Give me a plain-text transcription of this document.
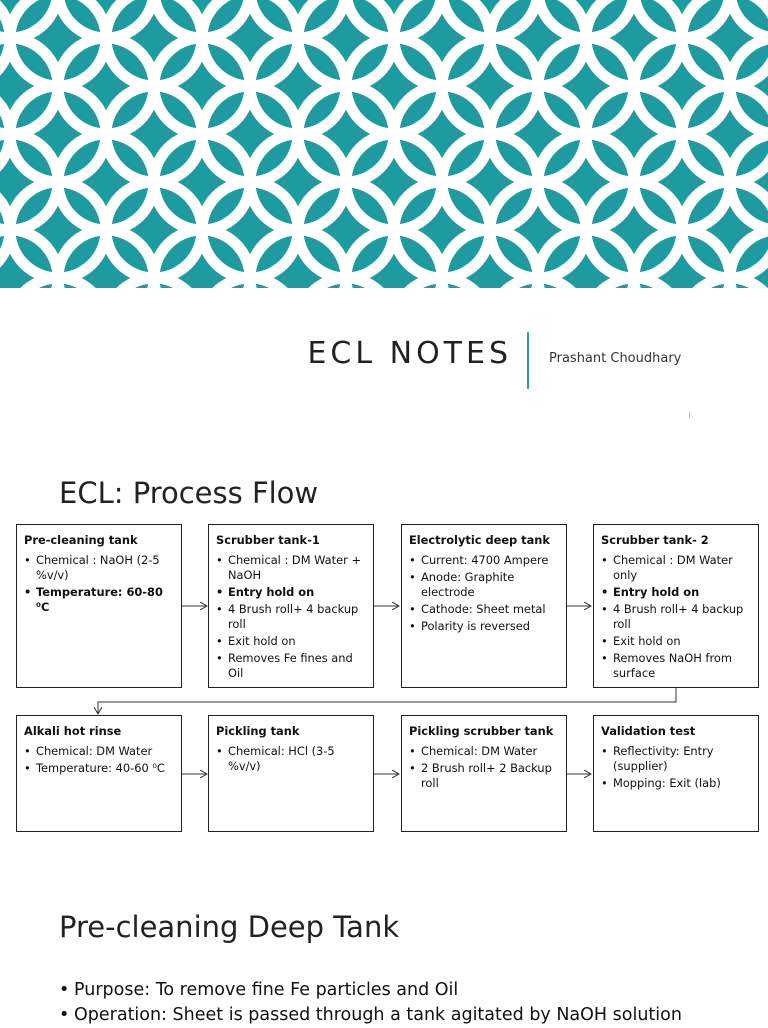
ECL NOTES	Prashant Choudhary
ECL: Process Flow
Pre-cleaning tank
• Chemical : NaOH (2-5 %v/v)
• Temperature: 60-80 ⁰C
Scrubber tank-1
• Chemical : DM Water + NaOH
• Entry hold on
• 4 Brush roll+ 4 backup roll
• Exit hold on
• Removes Fe fines and Oil
Electrolytic deep tank
• Current: 4700 Ampere
• Anode: Graphite electrode
• Cathode: Sheet metal
• Polarity is reversed
Scrubber tank- 2
• Chemical : DM Water only
• Entry hold on
• 4 Brush roll+ 4 backup roll
• Exit hold on
• Removes NaOH from surface
Alkali hot rinse
• Chemical: DM Water
• Temperature: 40-60 ⁰C
Pickling tank
• Chemical: HCl (3-5 %v/v)
Pickling scrubber tank
• Chemical: DM Water
• 2 Brush roll+ 2 Backup roll
Validation test
• Reflectivity: Entry (supplier)
• Mopping: Exit (lab)
Pre-cleaning Deep Tank
• Purpose: To remove fine Fe particles and Oil
• Operation: Sheet is passed through a tank agitated by NaOH solution
